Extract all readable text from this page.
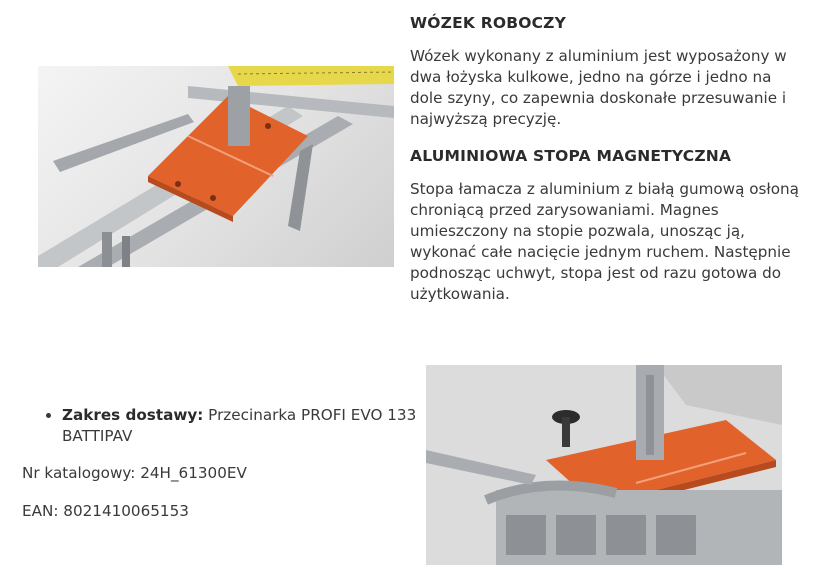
WÓZEK ROBOCZY

Wózek wykonany z aluminium jest wyposażony w dwa łożyska kulkowe, jedno na górze i jedno na dole szyny, co zapewnia doskonałe przesuwanie i najwyższą precyzję.

ALUMINIOWA STOPA MAGNETYCZNA

Stopa łamacza z aluminium z białą gumową osłoną chroniącą przed zarysowaniami. Magnes umieszczony na stopie pozwala, unosząc ją, wykonać całe nacięcie jednym ruchem. Następnie podnosząc uchwyt, stopa jest od razu gotowa do użytkowania.

• Zakres dostawy: Przecinarka PROFI EVO 133 BATTIPAV

Nr katalogowy: 24H_61300EV

EAN: 8021410065153
